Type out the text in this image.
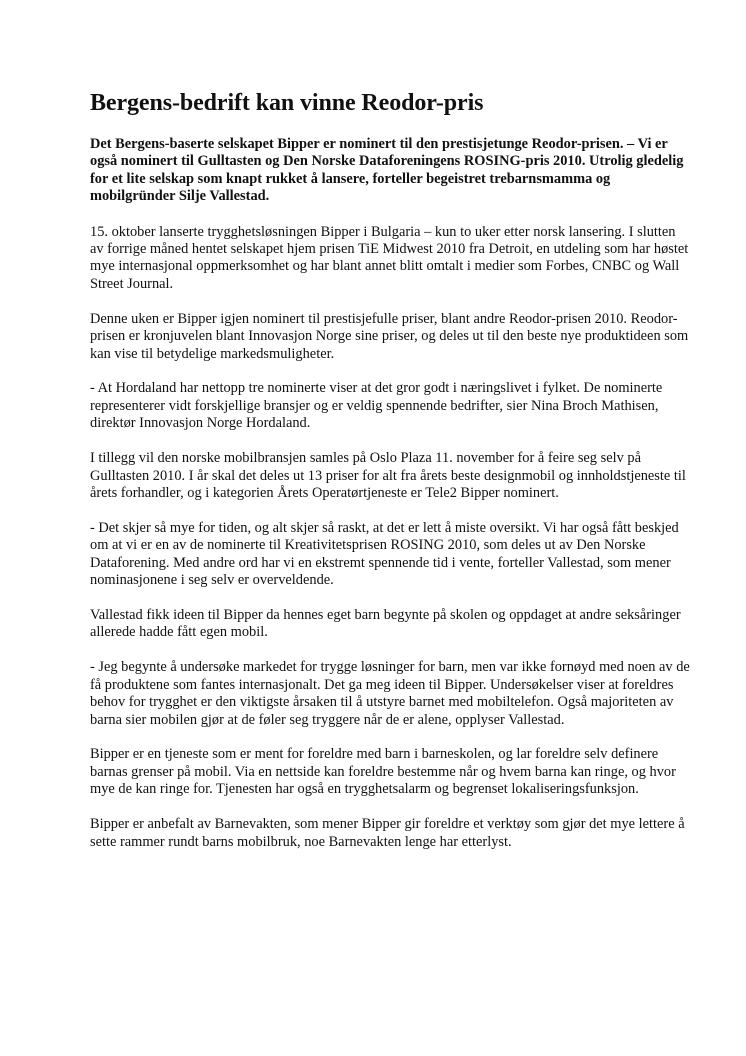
Bergens-bedrift kan vinne Reodor-pris

Det Bergens-baserte selskapet Bipper er nominert til den prestisjetunge Reodor-prisen. – Vi er også nominert til Gulltasten og Den Norske Dataforeningens ROSING-pris 2010. Utrolig gledelig for et lite selskap som knapt rukket å lansere, forteller begeistret trebarnsmamma og mobilgründer Silje Vallestad.

15. oktober lanserte trygghetsløsningen Bipper i Bulgaria – kun to uker etter norsk lansering. I slutten av forrige måned hentet selskapet hjem prisen TiE Midwest 2010 fra Detroit, en utdeling som har høstet mye internasjonal oppmerksomhet og har blant annet blitt omtalt i medier som Forbes, CNBC og Wall Street Journal.

Denne uken er Bipper igjen nominert til prestisjefulle priser, blant andre Reodor-prisen 2010. Reodor-prisen er kronjuvelen blant Innovasjon Norge sine priser, og deles ut til den beste nye produktideen som kan vise til betydelige markedsmuligheter.

- At Hordaland har nettopp tre nominerte viser at det gror godt i næringslivet i fylket. De nominerte representerer vidt forskjellige bransjer og er veldig spennende bedrifter, sier Nina Broch Mathisen, direktør Innovasjon Norge Hordaland.

I tillegg vil den norske mobilbransjen samles på Oslo Plaza 11. november for å feire seg selv på Gulltasten 2010. I år skal det deles ut 13 priser for alt fra årets beste designmobil og innholdstjeneste til årets forhandler, og i kategorien Årets Operatørtjeneste er Tele2 Bipper nominert.

- Det skjer så mye for tiden, og alt skjer så raskt, at det er lett å miste oversikt. Vi har også fått beskjed om at vi er en av de nominerte til Kreativitetsprisen ROSING 2010, som deles ut av Den Norske Dataforening. Med andre ord har vi en ekstremt spennende tid i vente, forteller Vallestad, som mener nominasjonene i seg selv er overveldende.

Vallestad fikk ideen til Bipper da hennes eget barn begynte på skolen og oppdaget at andre seksåringer allerede hadde fått egen mobil.

- Jeg begynte å undersøke markedet for trygge løsninger for barn, men var ikke fornøyd med noen av de få produktene som fantes internasjonalt. Det ga meg ideen til Bipper. Undersøkelser viser at foreldres behov for trygghet er den viktigste årsaken til å utstyre barnet med mobiltelefon. Også majoriteten av barna sier mobilen gjør at de føler seg tryggere når de er alene, opplyser Vallestad.

Bipper er en tjeneste som er ment for foreldre med barn i barneskolen, og lar foreldre selv definere barnas grenser på mobil. Via en nettside kan foreldre bestemme når og hvem barna kan ringe, og hvor mye de kan ringe for. Tjenesten har også en trygghetsalarm og begrenset lokaliseringsfunksjon.

Bipper er anbefalt av Barnevakten, som mener Bipper gir foreldre et verktøy som gjør det mye lettere å sette rammer rundt barns mobilbruk, noe Barnevakten lenge har etterlyst.
